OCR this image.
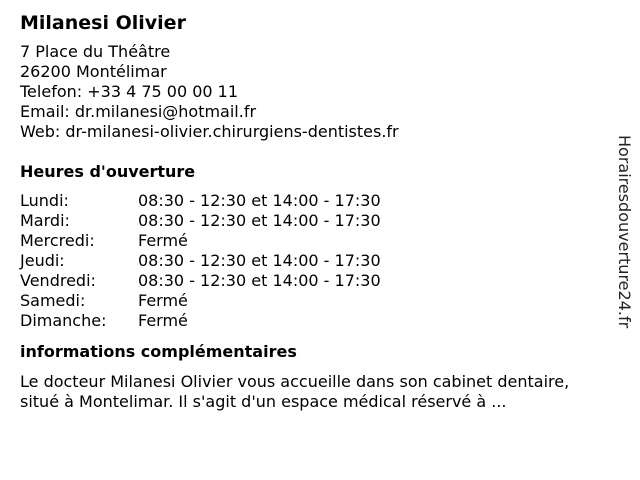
Milanesi Olivier
7 Place du Théâtre
26200 Montélimar
Telefon: +33 4 75 00 00 11
Email: dr.milanesi@hotmail.fr
Web: dr-milanesi-olivier.chirurgiens-dentistes.fr
Heures d'ouverture
Lundi:	08:30 - 12:30 et 14:00 - 17:30
Mardi:	08:30 - 12:30 et 14:00 - 17:30
Mercredi:	Fermé
Jeudi:	08:30 - 12:30 et 14:00 - 17:30
Vendredi:	08:30 - 12:30 et 14:00 - 17:30
Samedi:	Fermé
Dimanche:	Fermé
informations complémentaires
Le docteur Milanesi Olivier vous accueille dans son cabinet dentaire, situé à Montelimar. Il s'agit d'un espace médical réservé à ...
Horairesdouverture24.fr
